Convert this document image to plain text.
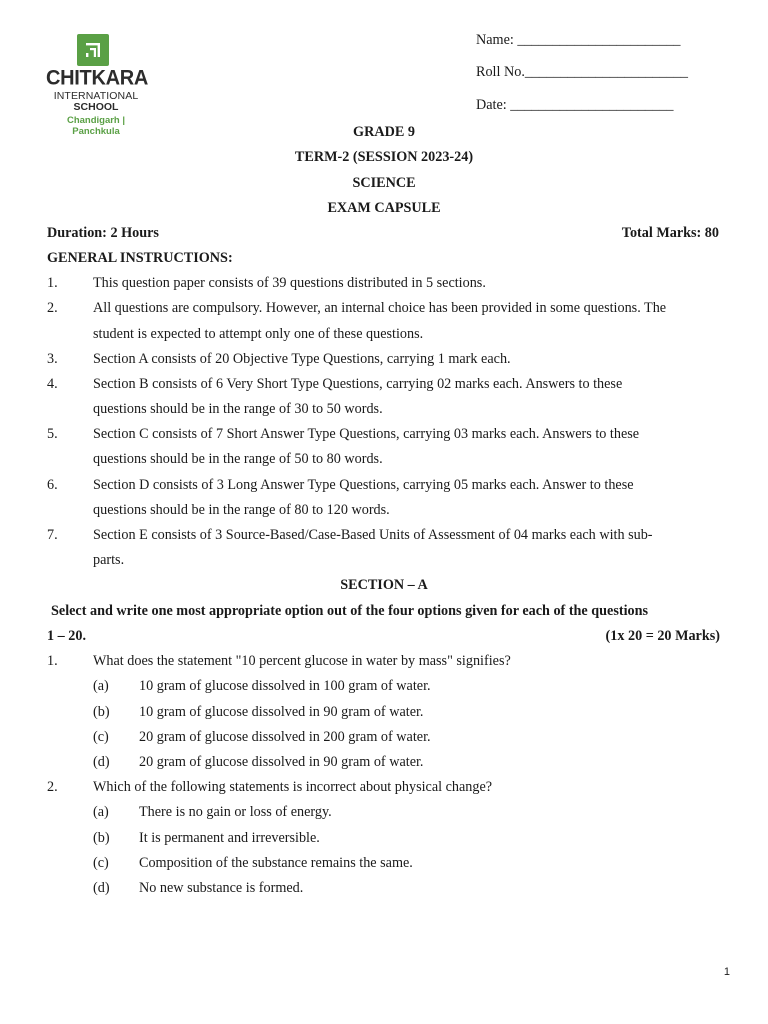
CHITKARA
INTERNATIONAL
SCHOOL
Chandigarh | Panchkula
Name: _______________________
Roll No._______________________
Date: _______________________
GRADE 9
TERM-2 (SESSION 2023-24)
SCIENCE
EXAM CAPSULE
Duration: 2 Hours	Total Marks: 80
GENERAL INSTRUCTIONS:
1. This question paper consists of 39 questions distributed in 5 sections.
2. All questions are compulsory. However, an internal choice has been provided in some questions. The
student is expected to attempt only one of these questions.
3. Section A consists of 20 Objective Type Questions, carrying 1 mark each.
4. Section B consists of 6 Very Short Type Questions, carrying 02 marks each. Answers to these
questions should be in the range of 30 to 50 words.
5. Section C consists of 7 Short Answer Type Questions, carrying 03 marks each. Answers to these
questions should be in the range of 50 to 80 words.
6. Section D consists of 3 Long Answer Type Questions, carrying 05 marks each. Answer to these
questions should be in the range of 80 to 120 words.
7. Section E consists of 3 Source-Based/Case-Based Units of Assessment of 04 marks each with sub-
parts.
SECTION – A
Select and write one most appropriate option out of the four options given for each of the questions
1 – 20.	(1x 20 = 20 Marks)
1. What does the statement "10 percent glucose in water by mass" signifies?
(a) 10 gram of glucose dissolved in 100 gram of water.
(b) 10 gram of glucose dissolved in 90 gram of water.
(c) 20 gram of glucose dissolved in 200 gram of water.
(d) 20 gram of glucose dissolved in 90 gram of water.
2. Which of the following statements is incorrect about physical change?
(a) There is no gain or loss of energy.
(b) It is permanent and irreversible.
(c) Composition of the substance remains the same.
(d) No new substance is formed.
1
